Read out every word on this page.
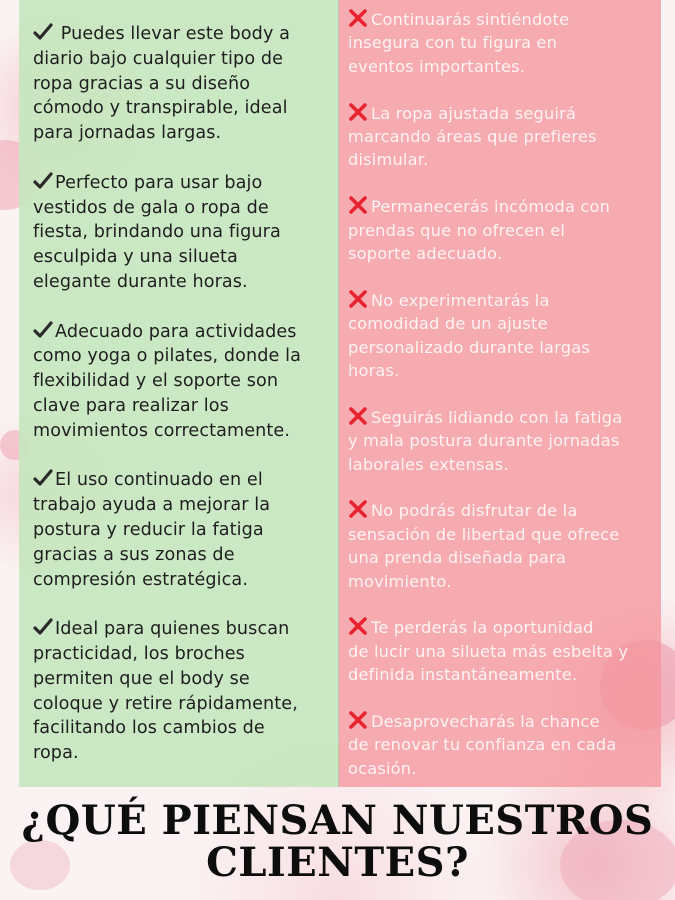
Puedes llevar este body a
diario bajo cualquier tipo de
ropa gracias a su diseño
cómodo y transpirable, ideal
para jornadas largas.
Perfecto para usar bajo
vestidos de gala o ropa de
fiesta, brindando una figura
esculpida y una silueta
elegante durante horas.
Adecuado para actividades
como yoga o pilates, donde la
flexibilidad y el soporte son
clave para realizar los
movimientos correctamente.
El uso continuado en el
trabajo ayuda a mejorar la
postura y reducir la fatiga
gracias a sus zonas de
compresión estratégica.
Ideal para quienes buscan
practicidad, los broches
permiten que el body se
coloque y retire rápidamente,
facilitando los cambios de
ropa.
Continuarás sintiéndote
insegura con tu figura en
eventos importantes.
La ropa ajustada seguirá
marcando áreas que prefieres
disimular.
Permanecerás incómoda con
prendas que no ofrecen el
soporte adecuado.
No experimentarás la
comodidad de un ajuste
personalizado durante largas
horas.
Seguirás lidiando con la fatiga
y mala postura durante jornadas
laborales extensas.
No podrás disfrutar de la
sensación de libertad que ofrece
una prenda diseñada para
movimiento.
Te perderás la oportunidad
de lucir una silueta más esbelta y
definida instantáneamente.
Desaprovecharás la chance
de renovar tu confianza en cada
ocasión.
¿QUÉ PIENSAN NUESTROS
CLIENTES?
